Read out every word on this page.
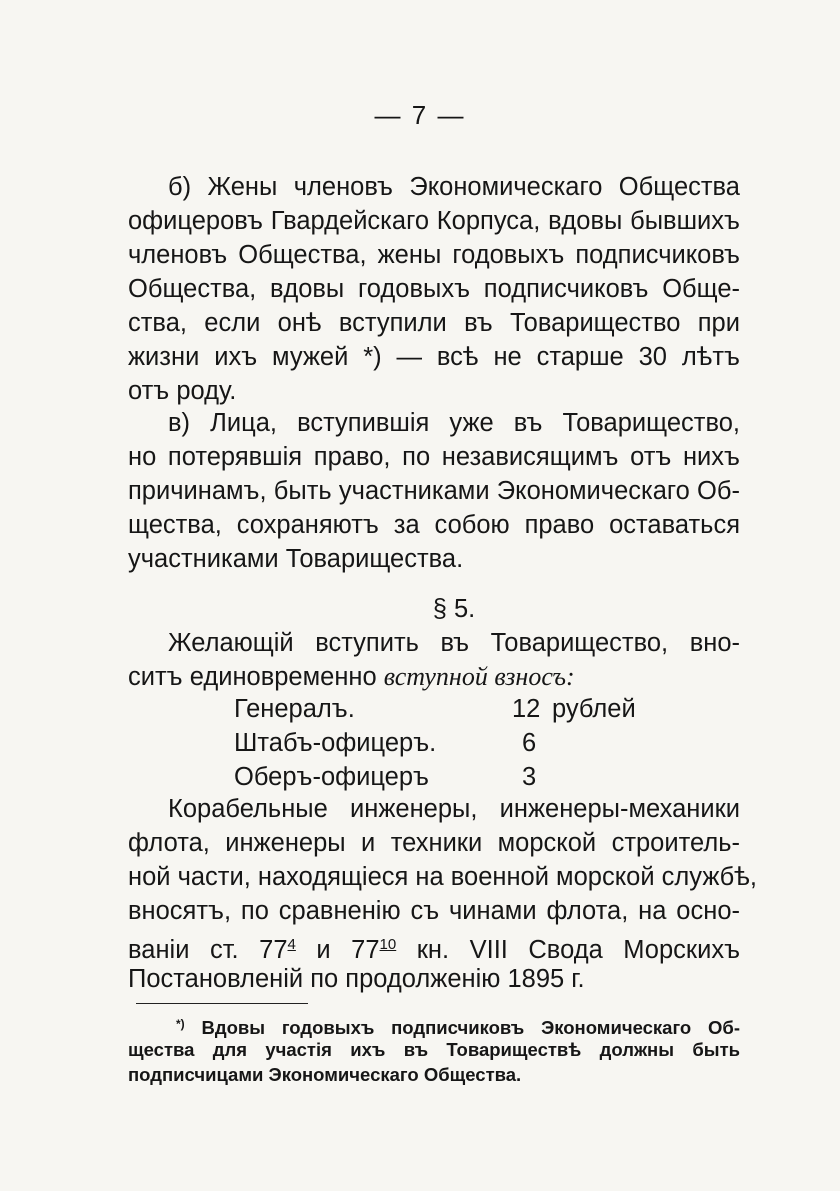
— 7 —
б) Жены членовъ Экономическаго Общества
офицеровъ Гвардейскаго Корпуса, вдовы бывшихъ
членовъ Общества, жены годовыхъ подписчиковъ
Общества, вдовы годовыхъ подписчиковъ Обще-
ства, если онѣ вступили въ Товарищество при
жизни ихъ мужей *) — всѣ не старше 30 лѣтъ
отъ роду.
в) Лица, вступившія уже въ Товарищество,
но потерявшія право, по независящимъ отъ нихъ
причинамъ, быть участниками Экономическаго Об-
щества, сохраняютъ за собою право оставаться
участниками Товарищества.
§ 5.
Желающій вступить въ Товарищество, вно-
ситъ единовременно вступной взносъ:
Генералъ.	12 рублей
Штабъ-офицеръ.	6
Оберъ-офицеръ	3
Корабельные инженеры, инженеры-механики
флота, инженеры и техники морской строитель-
ной части, находящіеся на военной морской службѣ,
вносятъ, по сравненію съ чинами флота, на осно-
ваніи ст. $77^4$ и $77^{10}$ кн. VIII Свода Морскихъ
Постановленій по продолженію 1895 г.
*) Вдовы годовыхъ подписчиковъ Экономическаго Об-
щества для участія ихъ въ Товариществѣ должны быть
подписчицами Экономическаго Общества.
